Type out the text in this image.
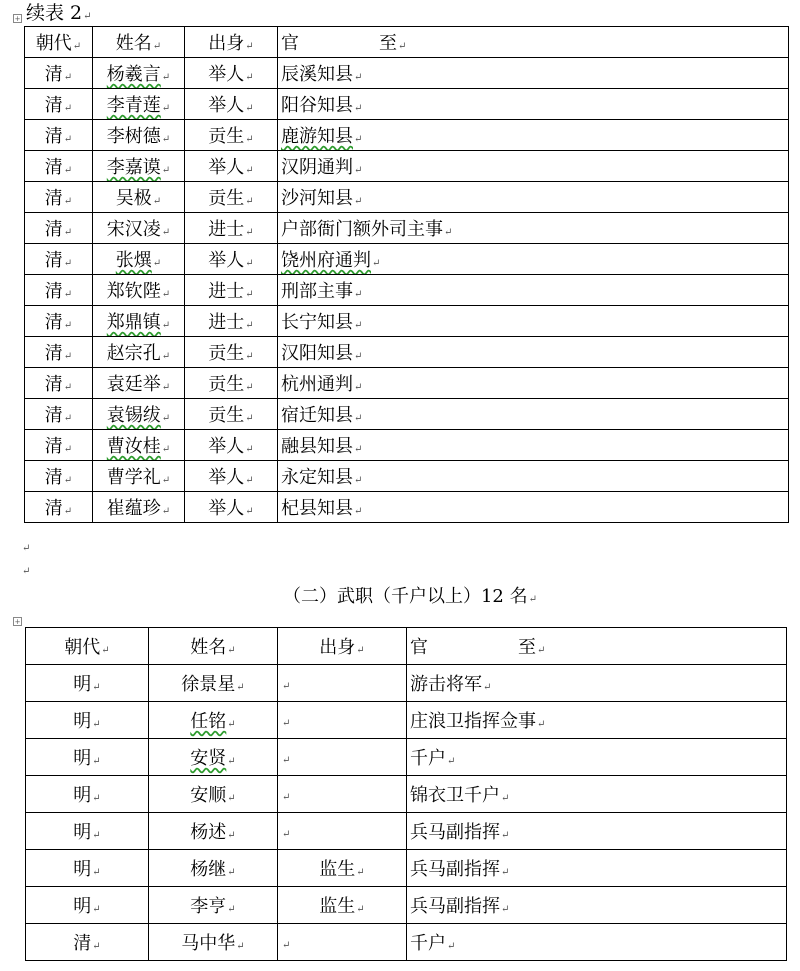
+ 续表 2↵
朝代↵	姓名↵	出身↵	官 至↵
清↵	杨羲言↵	举人↵	辰溪知县↵
清↵	李青莲↵	举人↵	阳谷知县↵
清↵	李树德↵	贡生↵	鹿游知县↵
清↵	李嘉谟↵	举人↵	汉阴通判↵
清↵	吴极↵	贡生↵	沙河知县↵
清↵	宋汉凌↵	进士↵	户部衙门额外司主事↵
清↵	张熼↵	举人↵	饶州府通判↵
清↵	郑钦陛↵	进士↵	刑部主事↵
清↵	郑鼎镇↵	进士↵	长宁知县↵
清↵	赵宗孔↵	贡生↵	汉阳知县↵
清↵	袁廷举↵	贡生↵	杭州通判↵
清↵	袁锡绂↵	贡生↵	宿迁知县↵
清↵	曹汝桂↵	举人↵	融县知县↵
清↵	曹学礼↵	举人↵	永定知县↵
清↵	崔蕴珍↵	举人↵	杞县知县↵
↵
↵
（二）武职（千户以上）12 名↵
+
朝代↵	姓名↵	出身↵	官 至↵
明↵	徐景星↵	↵	游击将军↵
明↵	任铭↵	↵	庄浪卫指挥佥事↵
明↵	安贤↵	↵	千户↵
明↵	安顺↵	↵	锦衣卫千户↵
明↵	杨述↵	↵	兵马副指挥↵
明↵	杨继↵	监生↵	兵马副指挥↵
明↵	李亨↵	监生↵	兵马副指挥↵
清↵	马中华↵	↵	千户↵
